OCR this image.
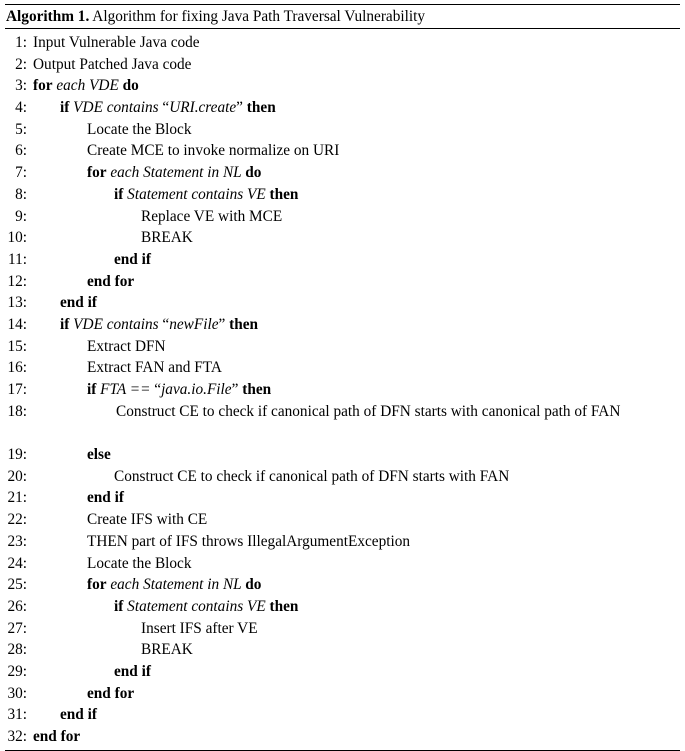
Algorithm 1. Algorithm for fixing Java Path Traversal Vulnerability
1: Input Vulnerable Java code
2: Output Patched Java code
3: for each VDE do
4:	if VDE contains “URI.create” then
5:	Locate the Block
6:	Create MCE to invoke normalize on URI
7:	for each Statement in NL do
8:	if Statement contains VE then
9:	Replace VE with MCE
10:	BREAK
11:	end if
12:	end for
13:	end if
14:	if VDE contains “newFile” then
15:	Extract DFN
16:	Extract FAN and FTA
17:	if FTA == “java.io.File” then
18:	Construct CE to check if canonical path of DFN starts with canonical path of FAN
19:	else
20:	Construct CE to check if canonical path of DFN starts with FAN
21:	end if
22:	Create IFS with CE
23:	THEN part of IFS throws IllegalArgumentException
24:	Locate the Block
25:	for each Statement in NL do
26:	if Statement contains VE then
27:	Insert IFS after VE
28:	BREAK
29:	end if
30:	end for
31:	end if
32: end for
